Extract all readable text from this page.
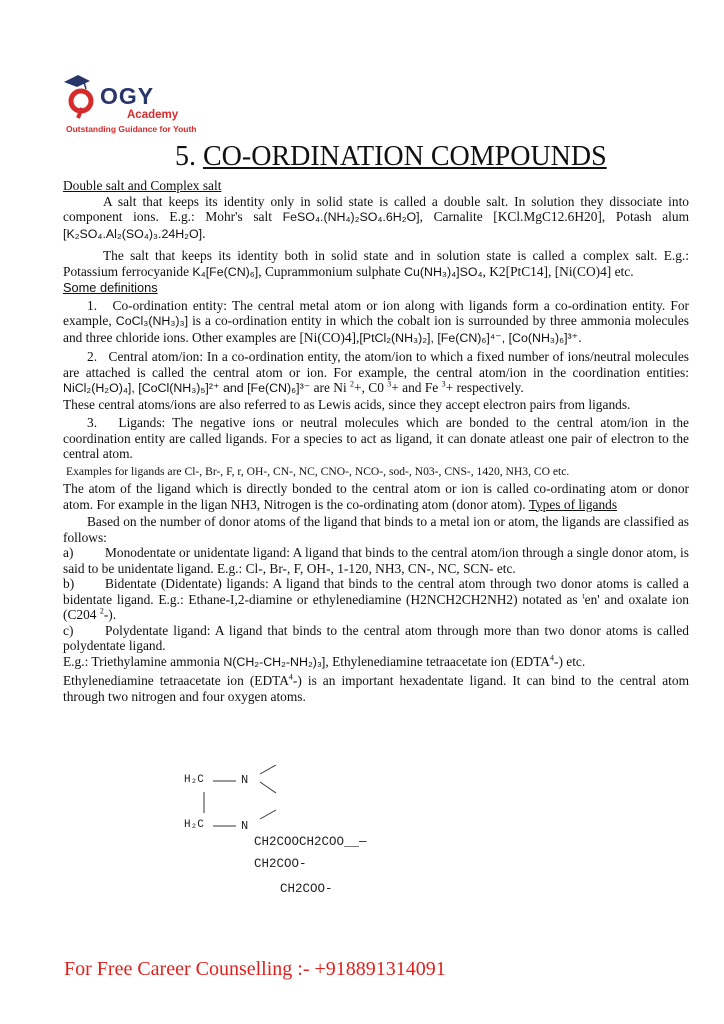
OGY
Academy
Outstanding Guidance for Youth
5. CO-ORDINATION COMPOUNDS

Double salt and Complex salt

A salt that keeps its identity only in solid state is called a double salt. In solution they dissociate into component ions. E.g.: Mohr's salt FeSO₄.(NH₄)₂SO₄.6H₂O], Carnalite [KCl.MgC12.6H20], Potash alum [K₂SO₄.Al₂(SO₄)₃.24H₂O].

The salt that keeps its identity both in solid state and in solution state is called a complex salt. E.g.: Potassium ferrocyanide K₄[Fe(CN)₆], Cuprammonium sulphate Cu(NH₃)₄]SO₄, K2[PtC14], [Ni(CO)4] etc.

Some definitions

1.   Co-ordination entity: The central metal atom or ion along with ligands form a co-ordination entity. For example, CoCl₃(NH₃)₃] is a co-ordination entity in which the cobalt ion is surrounded by three ammonia molecules and three chloride ions. Other examples are [Ni(CO)4],[PtCl₂(NH₃)₂], [Fe(CN)₆]⁴⁻, [Co(NH₃)₆]³⁺.

2.   Central atom/ion: In a co-ordination entity, the atom/ion to which a fixed number of ions/neutral molecules are attached is called the central atom or ion. For example, the central atom/ion in the coordination entities: NiCl₂(H₂O)₄], [CoCl(NH₃)₅]²⁺ and [Fe(CN)₆]³⁻ are Ni $^2$+, C0 $^3$+ and Fe $^3$+ respectively.

These central atoms/ions are also referred to as Lewis acids, since they accept electron pairs from ligands.

3.   Ligands: The negative ions or neutral molecules which are bonded to the central atom/ion in the coordination entity are called ligands. For a species to act as ligand, it can donate atleast one pair of electron to the central atom.

Examples for ligands are Cl-, Br-, F, r, OH-, CN-, NC, CNO-, NCO-, sod-, N03-, CNS-, 1420, NH3, CO etc.

The atom of the ligand which is directly bonded to the central atom or ion is called co-ordinating atom or donor atom. For example in the ligan NH3, Nitrogen is the co-ordinating atom (donor atom). Types of ligands

Based on the number of donor atoms of the ligand that binds to a metal ion or atom, the ligands are classified as follows:

a)	Monodentate or unidentate ligand: A ligand that binds to the central atom/ion through a single donor atom, is said to be unidentate ligand. E.g.: Cl-, Br-, F, OH-, 1-120, NH3, CN-, NC, SCN- etc.
b)	Bidentate (Didentate) ligands: A ligand that binds to the central atom through two donor atoms is called a bidentate ligand. E.g.: Ethane-I,2-diamine or ethylenediamine (H2NCH2CH2NH2) notated as $^t$en' and oxalate ion (C204 $^2$-).
c)	Polydentate ligand: A ligand that binds to the central atom through more than two donor atoms is called polydentate ligand.

E.g.: Triethylamine ammonia N(CH₂-CH₂-NH₂)₃], Ethylenediamine tetraacetate ion (EDTA$^4$-) etc.

Ethylenediamine tetraacetate ion (EDTA$^4$-) is an important hexadentate ligand. It can bind to the central atom through two nitrogen and four oxygen atoms.

H₂C	N
H₂C	N
CH2COOCH2COO__—
CH2COO-
CH2COO-
For Free Career Counselling :- +918891314091
